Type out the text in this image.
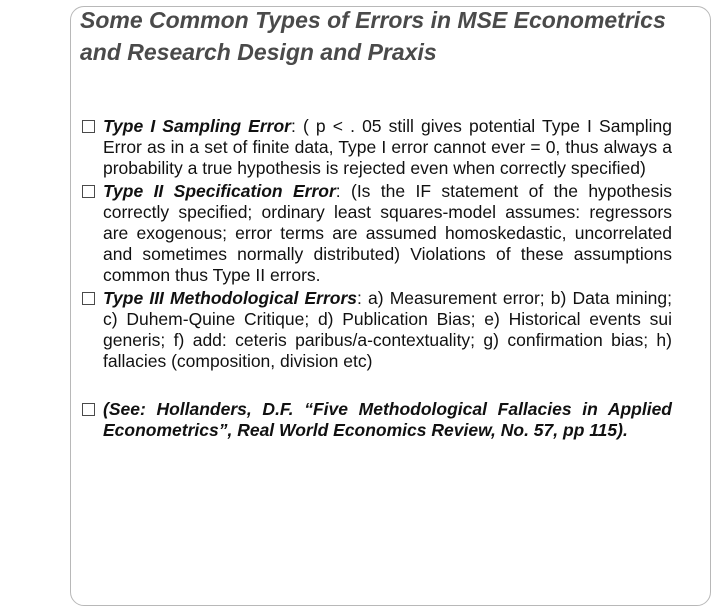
Some Common Types of Errors in MSE Econometrics and Research Design and Praxis
Type I Sampling Error: ( p < . 05 still gives potential Type I Sampling Error as in a set of finite data, Type I error cannot ever = 0, thus always a probability a true hypothesis is rejected even when correctly specified)
Type II Specification Error: (Is the IF statement of the hypothesis correctly specified; ordinary least squares-model assumes: regressors are exogenous; error terms are assumed homoskedastic, uncorrelated and sometimes normally distributed) Violations of these assumptions common thus Type II errors.
Type III Methodological Errors: a) Measurement error; b) Data mining; c) Duhem-Quine Critique; d) Publication Bias; e) Historical events sui generis; f) add: ceteris paribus/a-contextuality; g) confirmation bias; h) fallacies (composition, division etc)
(See: Hollanders, D.F. “Five Methodological Fallacies in Applied Econometrics”, Real World Economics Review, No. 57, pp 115).
